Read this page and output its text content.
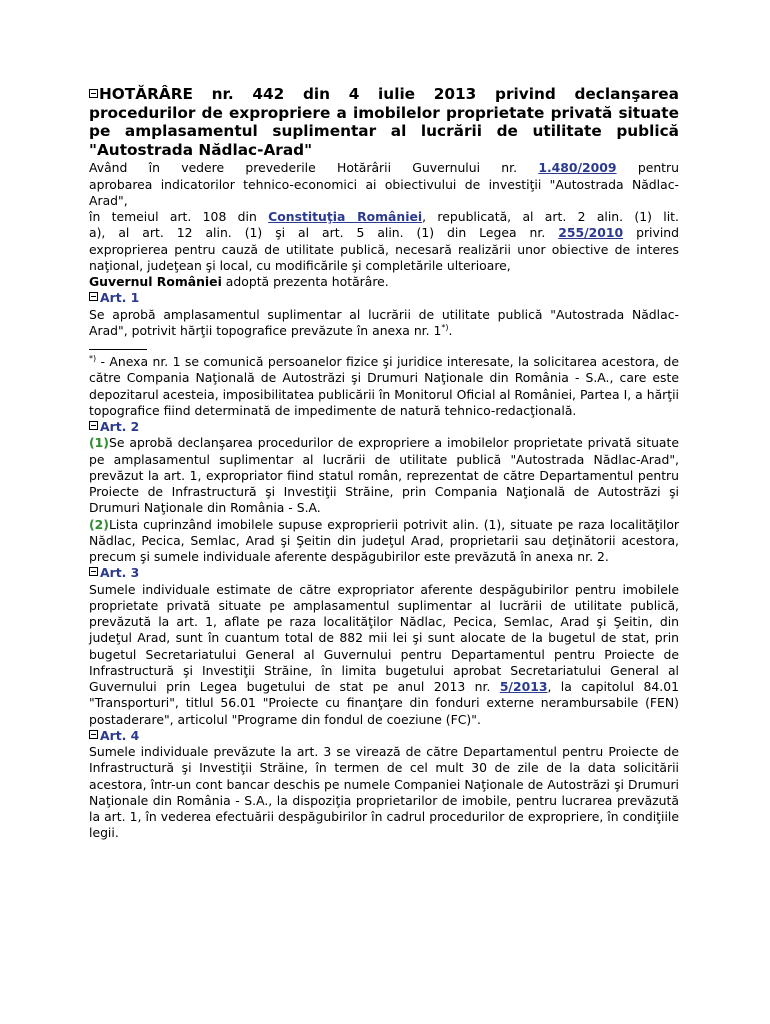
HOTĂRÂRE nr. 442 din 4 iulie 2013 privind declanşarea procedurilor de expropriere a imobilelor proprietate privată situate pe amplasamentul suplimentar al lucrării de utilitate publică "Autostrada Nădlac-Arad"

Având în vedere prevederile Hotărârii Guvernului nr. 1.480/2009 pentru

aprobarea indicatorilor tehnico-economici ai obiectivului de investiţii "Autostrada Nădlac-Arad",

în temeiul art. 108 din Constituţia României, republicată, al art. 2 alin. (1) lit.

a), al art. 12 alin. (1) şi al art. 5 alin. (1) din Legea nr. 255/2010 privind

exproprierea pentru cauză de utilitate publică, necesară realizării unor obiective de interes naţional, judeţean şi local, cu modificările şi completările ulterioare,

Guvernul României adoptă prezenta hotărâre.

Art. 1

Se aprobă amplasamentul suplimentar al lucrării de utilitate publică "Autostrada Nădlac-Arad", potrivit hărţii topografice prevăzute în anexa nr. 1*).

*) - Anexa nr. 1 se comunică persoanelor fizice şi juridice interesate, la solicitarea acestora, de către Compania Naţională de Autostrăzi şi Drumuri Naţionale din România - S.A., care este depozitarul acesteia, imposibilitatea publicării în Monitorul Oficial al României, Partea I, a hărţii topografice fiind determinată de impedimente de natură tehnico-redacţională.

Art. 2

(1)Se aprobă declanşarea procedurilor de expropriere a imobilelor proprietate privată situate pe amplasamentul suplimentar al lucrării de utilitate publică "Autostrada Nădlac-Arad", prevăzut la art. 1, expropriator fiind statul român, reprezentat de către Departamentul pentru Proiecte de Infrastructură şi Investiţii Străine, prin Compania Naţională de Autostrăzi şi Drumuri Naţionale din România - S.A.

(2)Lista cuprinzând imobilele supuse exproprierii potrivit alin. (1), situate pe raza localităţilor Nădlac, Pecica, Semlac, Arad şi Şeitin din judeţul Arad, proprietarii sau deţinătorii acestora, precum şi sumele individuale aferente despăgubirilor este prevăzută în anexa nr. 2.

Art. 3

Sumele individuale estimate de către expropriator aferente despăgubirilor pentru imobilele proprietate privată situate pe amplasamentul suplimentar al lucrării de utilitate publică, prevăzută la art. 1, aflate pe raza localităţilor Nădlac, Pecica, Semlac, Arad şi Şeitin, din judeţul Arad, sunt în cuantum total de 882 mii lei şi sunt alocate de la bugetul de stat, prin bugetul Secretariatului General al Guvernului pentru Departamentul pentru Proiecte de Infrastructură şi Investiţii Străine, în limita bugetului aprobat Secretariatului General al Guvernului prin Legea bugetului de stat pe anul 2013 nr. 5/2013, la capitolul 84.01 "Transporturi", titlul 56.01 "Proiecte cu finanţare din fonduri externe nerambursabile (FEN) postaderare", articolul "Programe din fondul de coeziune (FC)".

Art. 4

Sumele individuale prevăzute la art. 3 se virează de către Departamentul pentru Proiecte de Infrastructură şi Investiţii Străine, în termen de cel mult 30 de zile de la data solicitării acestora, într-un cont bancar deschis pe numele Companiei Naţionale de Autostrăzi şi Drumuri Naţionale din România - S.A., la dispoziţia proprietarilor de imobile, pentru lucrarea prevăzută la art. 1, în vederea efectuării despăgubirilor în cadrul procedurilor de expropriere, în condiţiile legii.
